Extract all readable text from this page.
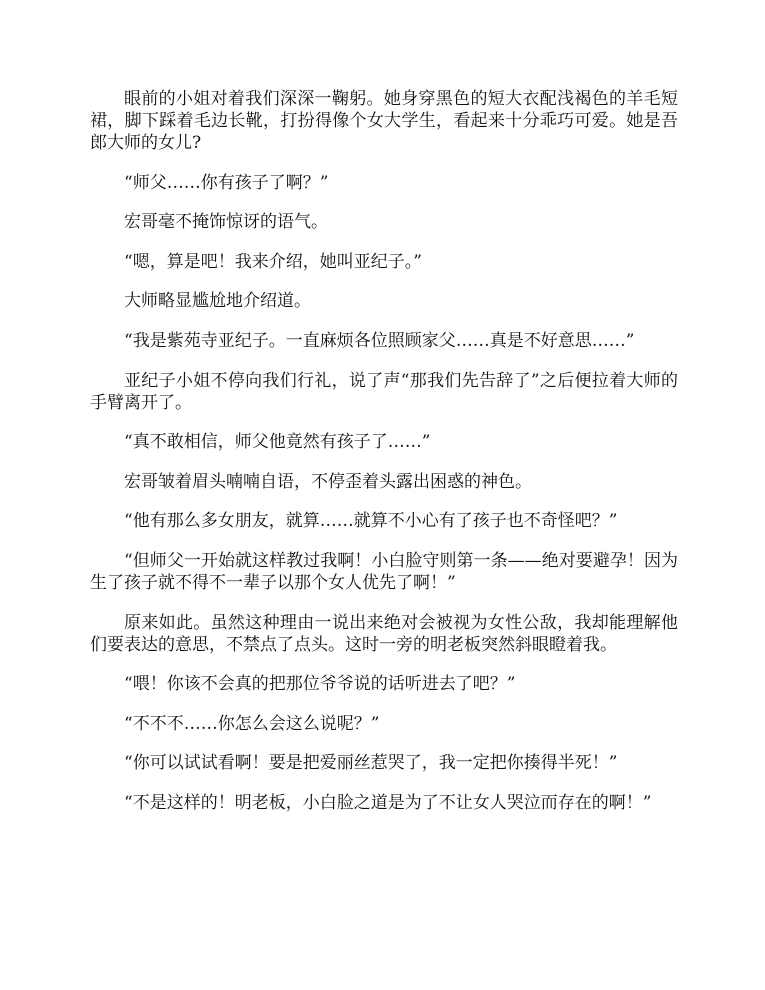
眼前的小姐对着我们深深一鞠躬。她身穿黑色的短大衣配浅褐色的羊毛短裙，脚下踩着毛边长靴，打扮得像个女大学生，看起来十分乖巧可爱。她是吾郎大师的女儿?

“师父……你有孩子了啊？”

宏哥毫不掩饰惊讶的语气。

“嗯，算是吧！我来介绍，她叫亚纪子。”

大师略显尴尬地介绍道。

“我是紫苑寺亚纪子。一直麻烦各位照顾家父……真是不好意思……”

亚纪子小姐不停向我们行礼，说了声“那我们先告辞了”之后便拉着大师的手臂离开了。

“真不敢相信，师父他竟然有孩子了……”

宏哥皱着眉头喃喃自语，不停歪着头露出困惑的神色。

“他有那么多女朋友，就算……就算不小心有了孩子也不奇怪吧？”

“但师父一开始就这样教过我啊！小白脸守则第一条——绝对要避孕！因为生了孩子就不得不一辈子以那个女人优先了啊！”

原来如此。虽然这种理由一说出来绝对会被视为女性公敌，我却能理解他们要表达的意思，不禁点了点头。这时一旁的明老板突然斜眼瞪着我。

“喂！你该不会真的把那位爷爷说的话听进去了吧？”

“不不不……你怎么会这么说呢？”

“你可以试试看啊！要是把爱丽丝惹哭了，我一定把你揍得半死！”

“不是这样的！明老板，小白脸之道是为了不让女人哭泣而存在的啊！”
